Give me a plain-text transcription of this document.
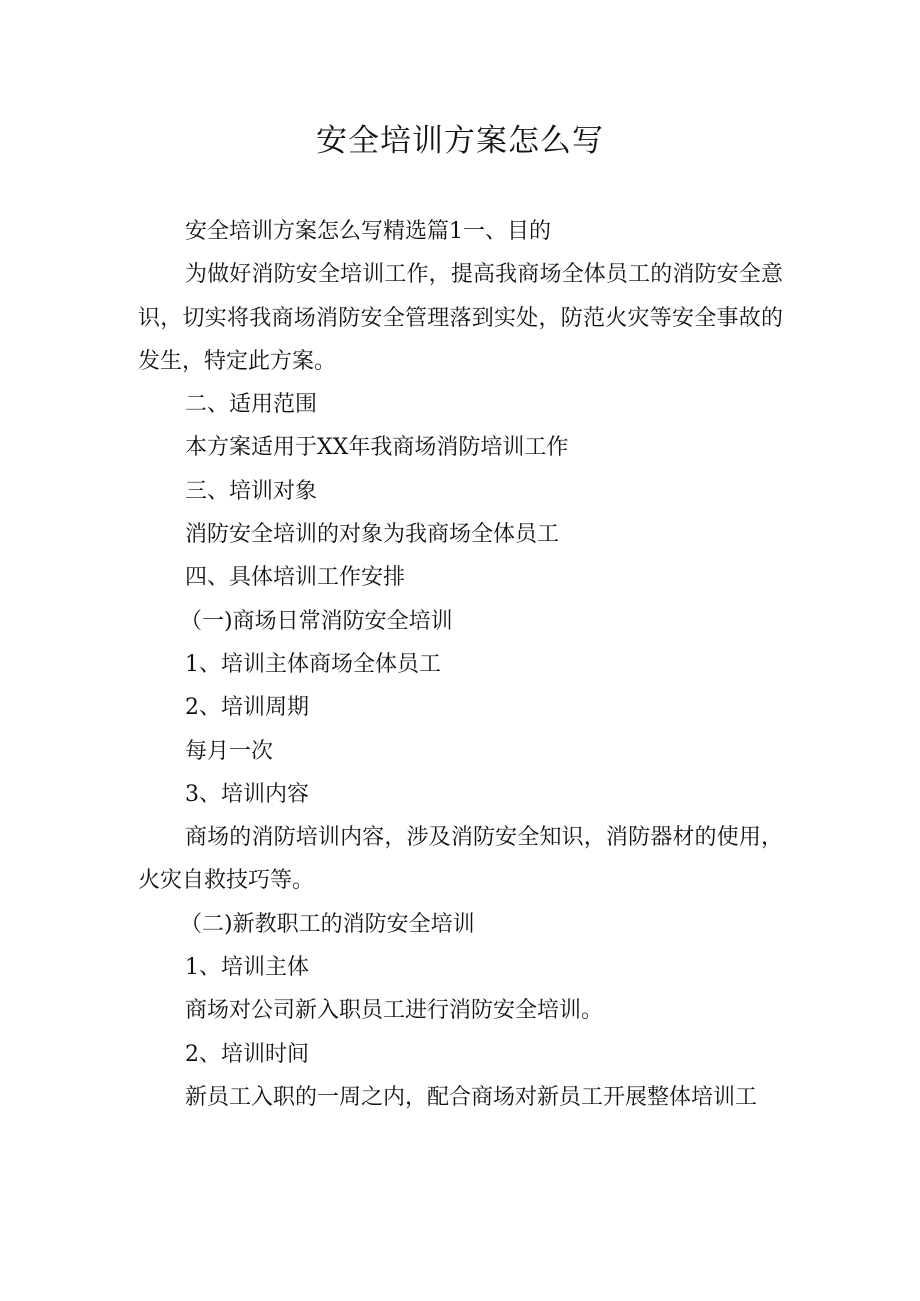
安全培训方案怎么写

安全培训方案怎么写精选篇1一、目的

为做好消防安全培训工作，提高我商场全体员工的消防安全意识，切实将我商场消防安全管理落到实处，防范火灾等安全事故的发生，特定此方案。

二、适用范围

本方案适用于XX年我商场消防培训工作

三、培训对象

消防安全培训的对象为我商场全体员工

四、具体培训工作安排

（一)商场日常消防安全培训

1、培训主体商场全体员工

2、培训周期

每月一次

3、培训内容

商场的消防培训内容，涉及消防安全知识，消防器材的使用，火灾自救技巧等。

（二)新教职工的消防安全培训

1、培训主体

商场对公司新入职员工进行消防安全培训。

2、培训时间

新员工入职的一周之内，配合商场对新员工开展整体培训工
